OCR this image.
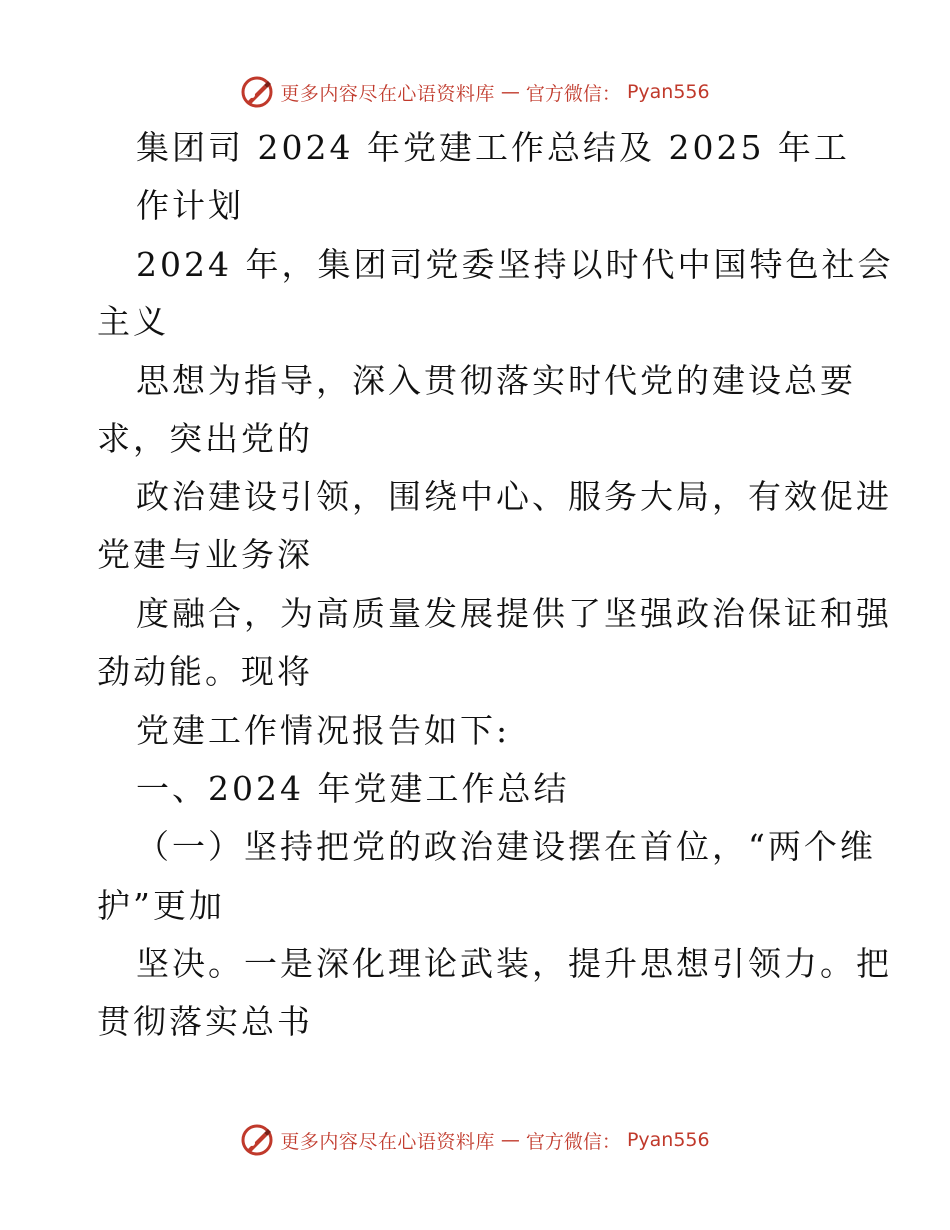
更多内容尽在心语资料库 — 官方微信： Pyan556
集团司 2024 年党建工作总结及 2025 年工
作计划
2024 年，集团司党委坚持以时代中国特色社会
主义
思想为指导，深入贯彻落实时代党的建设总要
求，突出党的
政治建设引领，围绕中心、服务大局，有效促进
党建与业务深
度融合，为高质量发展提供了坚强政治保证和强
劲动能。现将
党建工作情况报告如下:
一、2024 年党建工作总结
（一）坚持把党的政治建设摆在首位，“两个维
护”更加
坚决。一是深化理论武装，提升思想引领力。把
贯彻落实总书
更多内容尽在心语资料库 — 官方微信： Pyan556
